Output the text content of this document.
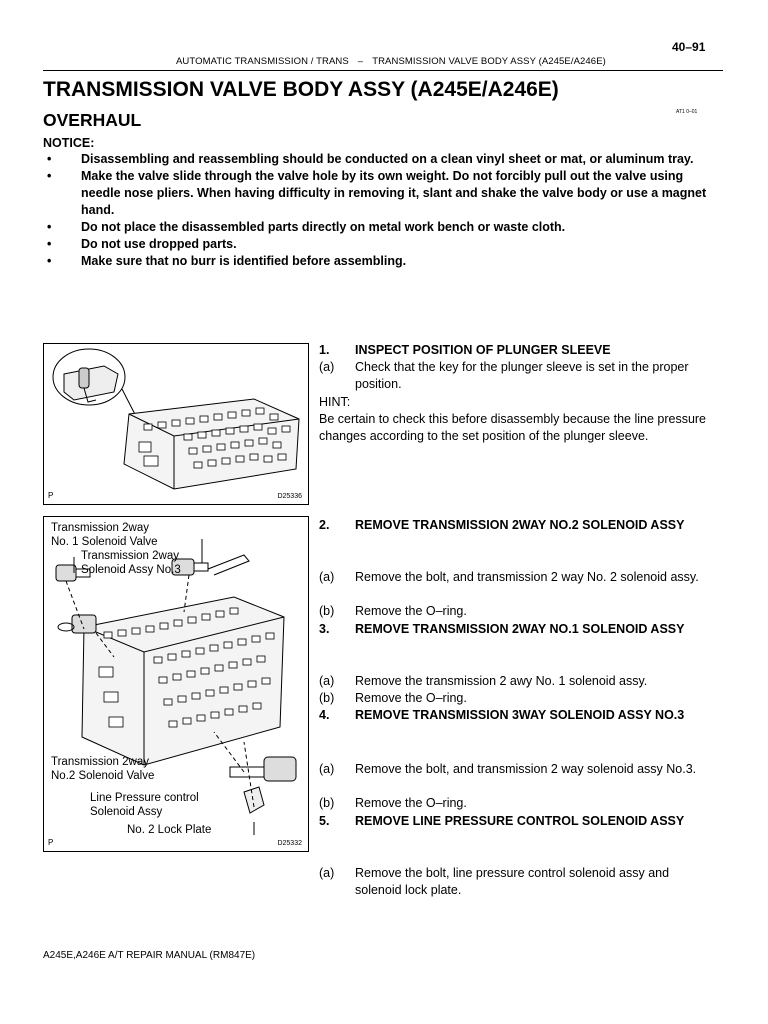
40–91
AUTOMATIC TRANSMISSION / TRANS – TRANSMISSION VALVE BODY ASSY (A245E/A246E)
TRANSMISSION VALVE BODY ASSY (A245E/A246E)
OVERHAUL	AT1 0–01
NOTICE:
• Disassembling and reassembling should be conducted on a clean vinyl sheet or mat, or aluminum tray.
• Make the valve slide through the valve hole by its own weight. Do not forcibly pull out the valve using needle nose pliers. When having difficulty in removing it, slant and shake the valve body or use a magnet hand.
• Do not place the disassembled parts directly on metal work bench or waste cloth.
• Do not use dropped parts.
• Make sure that no burr is identified before assembling.
P	D25336
Transmission 2way
No. 1 Solenoid Valve
Transmission 2way
Solenoid Assy No.3
Transmission 2way
No.2 Solenoid Valve
Line Pressure control
Solenoid Assy
No. 2 Lock Plate
P	D25332
1.	INSPECT POSITION OF PLUNGER SLEEVE
(a)	Check that the key for the plunger sleeve is set in the proper position.
HINT:
Be certain to check this before disassembly because the line pressure changes according to the set position of the plunger sleeve.
2.	REMOVE TRANSMISSION 2WAY NO.2 SOLENOID ASSY
(a)	Remove the bolt, and transmission 2 way No. 2 solenoid assy.
(b)	Remove the O–ring.
3.	REMOVE TRANSMISSION 2WAY NO.1 SOLENOID ASSY
(a)	Remove the transmission 2 awy No. 1 solenoid assy.
(b)	Remove the O–ring.
4.	REMOVE TRANSMISSION 3WAY SOLENOID ASSY NO.3
(a)	Remove the bolt, and transmission 2 way solenoid assy No.3.
(b)	Remove the O–ring.
5.	REMOVE LINE PRESSURE CONTROL SOLENOID ASSY
(a)	Remove the bolt, line pressure control solenoid assy and solenoid lock plate.
A245E,A246E A/T REPAIR MANUAL (RM847E)
